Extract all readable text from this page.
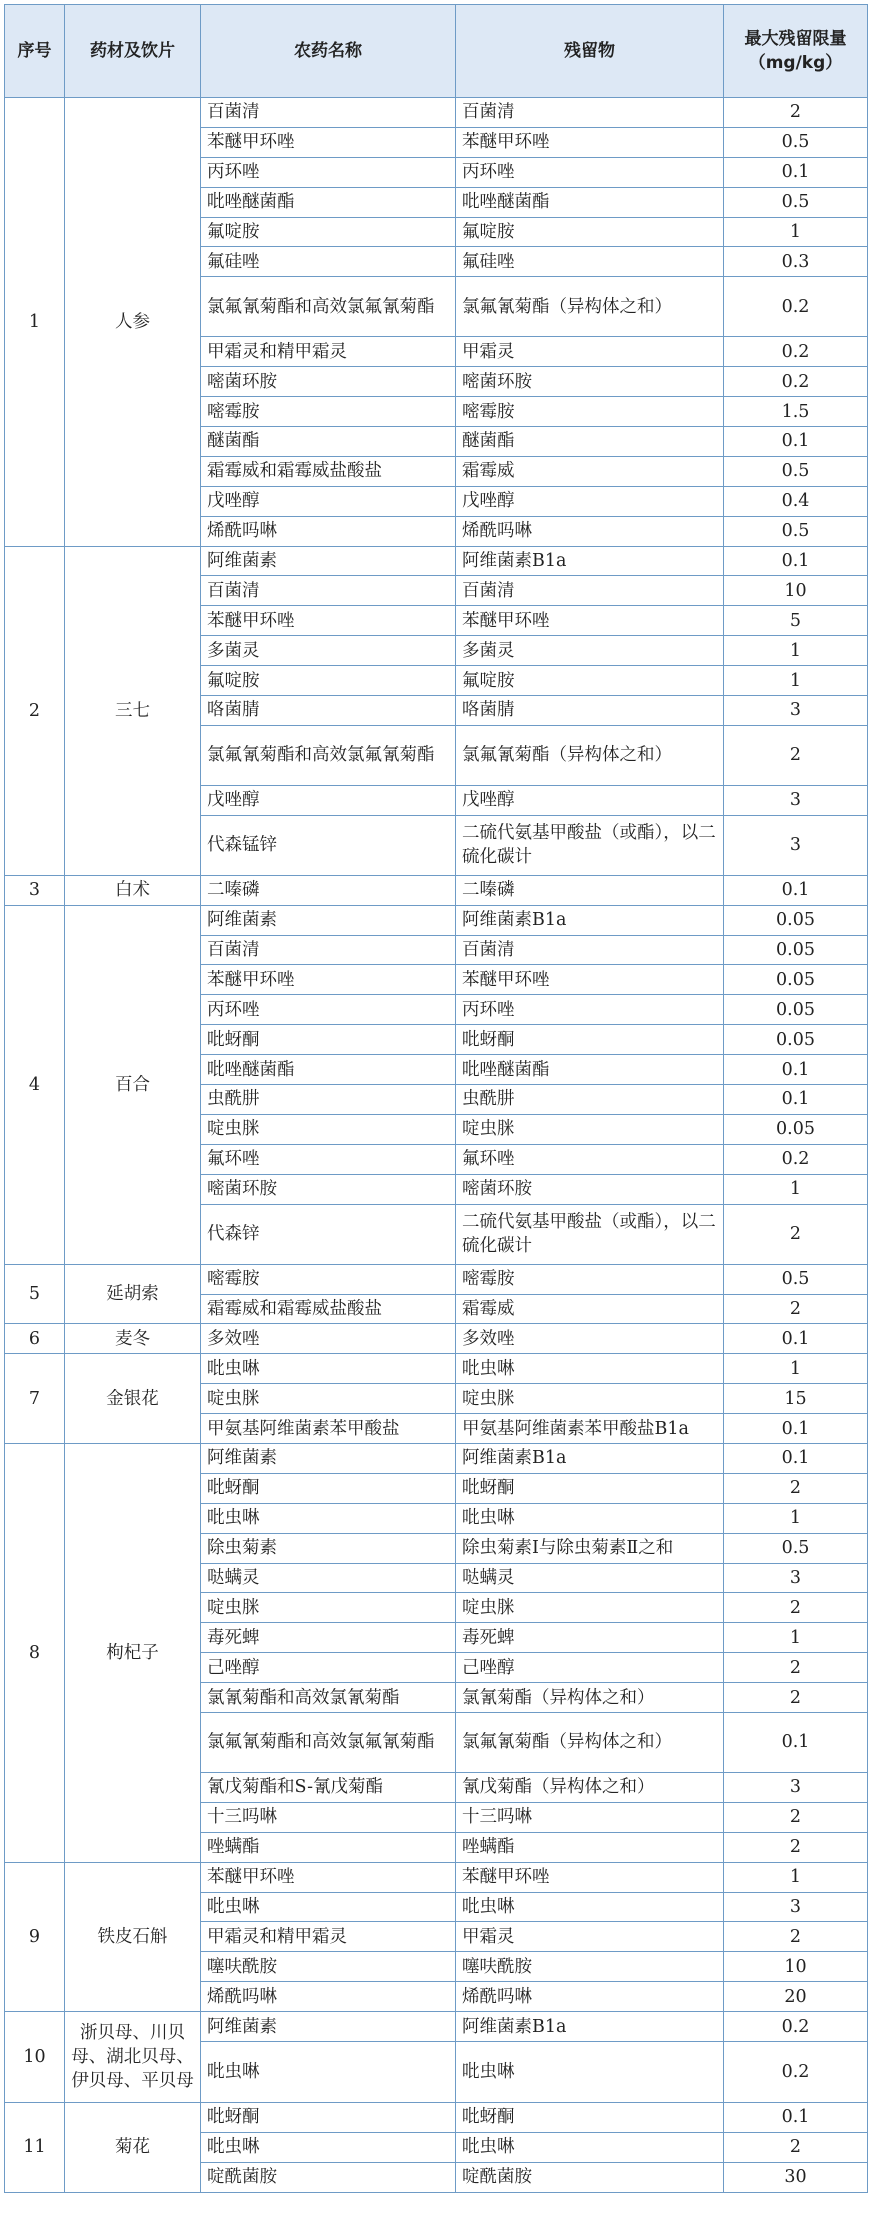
序号	药材及饮片	农药名称	残留物	最大残留限量（mg/kg）
1	人参	百菌清	百菌清	2
		苯醚甲环唑	苯醚甲环唑	0.5
		丙环唑	丙环唑	0.1
		吡唑醚菌酯	吡唑醚菌酯	0.5
		氟啶胺	氟啶胺	1
		氟硅唑	氟硅唑	0.3
		氯氟氰菊酯和高效氯氟氰菊酯	氯氟氰菊酯（异构体之和）	0.2
		甲霜灵和精甲霜灵	甲霜灵	0.2
		嘧菌环胺	嘧菌环胺	0.2
		嘧霉胺	嘧霉胺	1.5
		醚菌酯	醚菌酯	0.1
		霜霉威和霜霉威盐酸盐	霜霉威	0.5
		戊唑醇	戊唑醇	0.4
		烯酰吗啉	烯酰吗啉	0.5
2	三七	阿维菌素	阿维菌素B1a	0.1
		百菌清	百菌清	10
		苯醚甲环唑	苯醚甲环唑	5
		多菌灵	多菌灵	1
		氟啶胺	氟啶胺	1
		咯菌腈	咯菌腈	3
		氯氟氰菊酯和高效氯氟氰菊酯	氯氟氰菊酯（异构体之和）	2
		戊唑醇	戊唑醇	3
		代森锰锌	二硫代氨基甲酸盐（或酯），以二硫化碳计	3
3	白术	二嗪磷	二嗪磷	0.1
4	百合	阿维菌素	阿维菌素B1a	0.05
		百菌清	百菌清	0.05
		苯醚甲环唑	苯醚甲环唑	0.05
		丙环唑	丙环唑	0.05
		吡蚜酮	吡蚜酮	0.05
		吡唑醚菌酯	吡唑醚菌酯	0.1
		虫酰肼	虫酰肼	0.1
		啶虫脒	啶虫脒	0.05
		氟环唑	氟环唑	0.2
		嘧菌环胺	嘧菌环胺	1
		代森锌	二硫代氨基甲酸盐（或酯），以二硫化碳计	2
5	延胡索	嘧霉胺	嘧霉胺	0.5
		霜霉威和霜霉威盐酸盐	霜霉威	2
6	麦冬	多效唑	多效唑	0.1
7	金银花	吡虫啉	吡虫啉	1
		啶虫脒	啶虫脒	15
		甲氨基阿维菌素苯甲酸盐	甲氨基阿维菌素苯甲酸盐B1a	0.1
8	枸杞子	阿维菌素	阿维菌素B1a	0.1
		吡蚜酮	吡蚜酮	2
		吡虫啉	吡虫啉	1
		除虫菊素	除虫菊素Ⅰ与除虫菊素Ⅱ之和	0.5
		哒螨灵	哒螨灵	3
		啶虫脒	啶虫脒	2
		毒死蜱	毒死蜱	1
		己唑醇	己唑醇	2
		氯氰菊酯和高效氯氰菊酯	氯氰菊酯（异构体之和）	2
		氯氟氰菊酯和高效氯氟氰菊酯	氯氟氰菊酯（异构体之和）	0.1
		氰戊菊酯和S-氰戊菊酯	氰戊菊酯（异构体之和）	3
		十三吗啉	十三吗啉	2
		唑螨酯	唑螨酯	2
9	铁皮石斛	苯醚甲环唑	苯醚甲环唑	1
		吡虫啉	吡虫啉	3
		甲霜灵和精甲霜灵	甲霜灵	2
		噻呋酰胺	噻呋酰胺	10
		烯酰吗啉	烯酰吗啉	20
10	浙贝母、川贝母、湖北贝母、伊贝母、平贝母	阿维菌素	阿维菌素B1a	0.2
		吡虫啉	吡虫啉	0.2
11	菊花	吡蚜酮	吡蚜酮	0.1
		吡虫啉	吡虫啉	2
		啶酰菌胺	啶酰菌胺	30
